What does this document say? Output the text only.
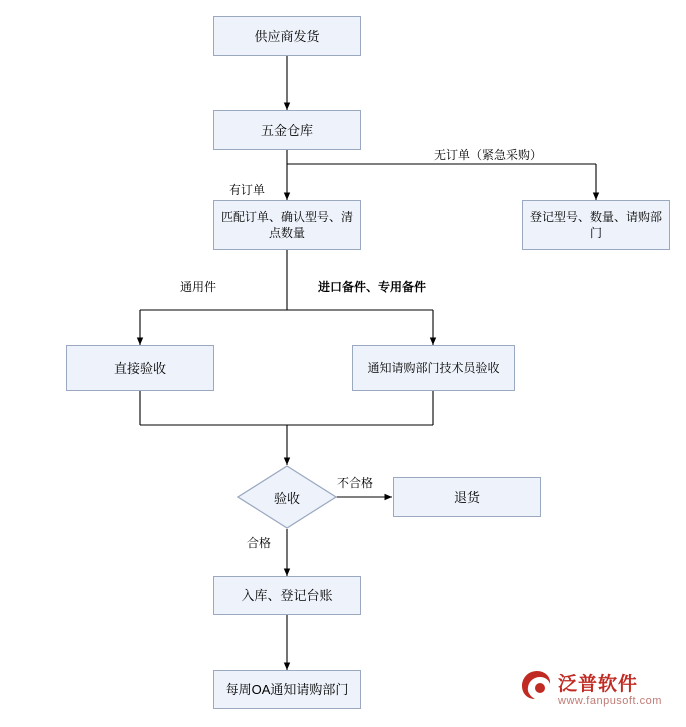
供应商发货
五金仓库
匹配订单、确认型号、清点数量
登记型号、数量、请购部门
直接验收	通知请购部门技术员验收
验收	退货
入库、登记台账
每周OA通知请购部门
无订单（紧急采购）
有订单
通用件	进口备件、专用备件
不合格
合格
泛普软件
www.fanpusoft.com
